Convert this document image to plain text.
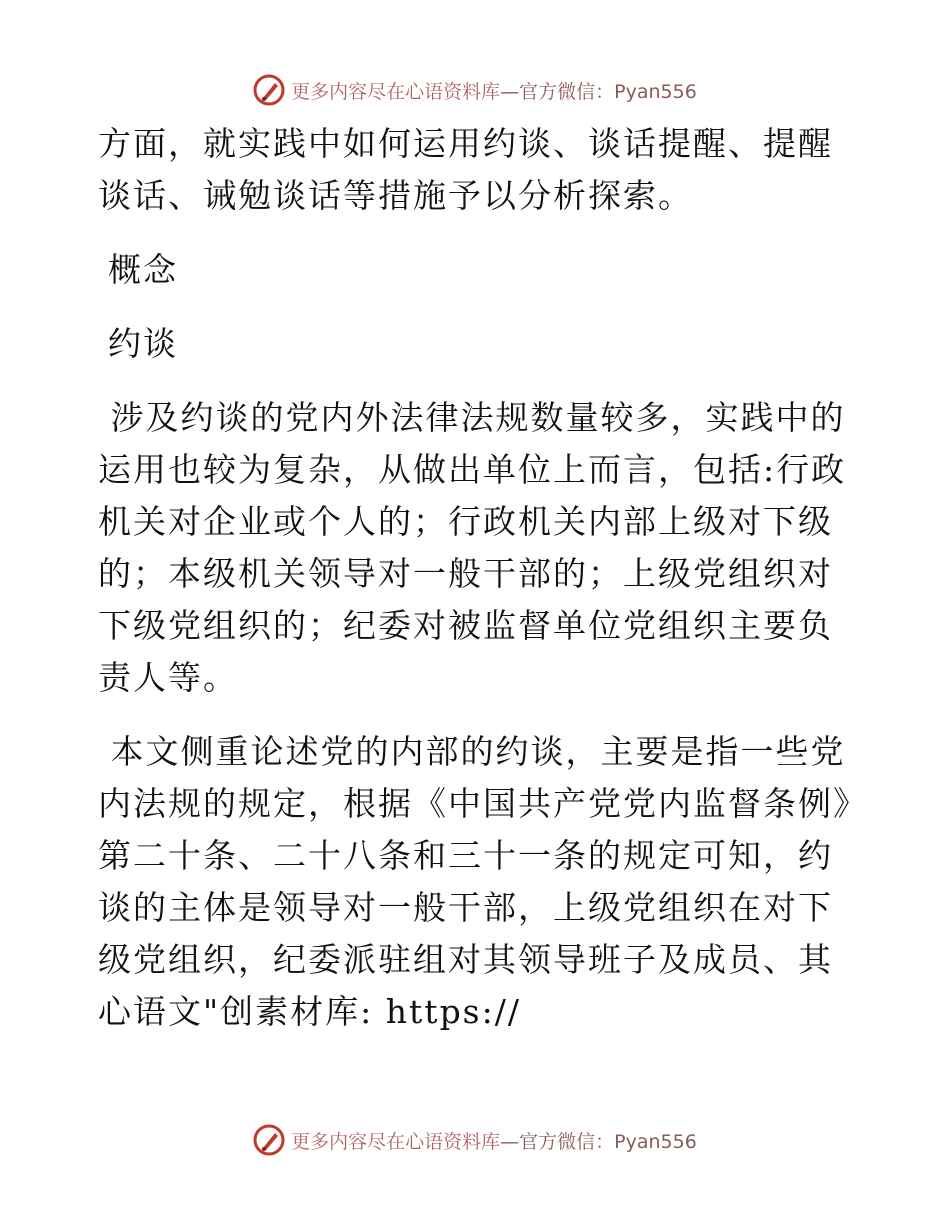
更多内容尽在心语资料库 —官方微信：Pyan556

方面，就实践中如何运用约谈、谈话提醒、提醒谈话、诫勉谈话等措施予以分析探索。

概念

约谈

涉及约谈的党内外法律法规数量较多，实践中的运用也较为复杂，从做出单位上而言，包括:行政机关对企业或个人的；行政机关内部上级对下级的；本级机关领导对一般干部的；上级党组织对下级党组织的；纪委对被监督单位党组织主要负责人等。

本文侧重论述党的内部的约谈，主要是指一些党内法规的规定，根据《中国共产党党内监督条例》第二十条、二十八条和三十一条的规定可知，约谈的主体是领导对一般干部，上级党组织在对下级党组织，纪委派驻组对其领导班子及成员、其心语文"创素材库: https://

更多内容尽在心语资料库 —官方微信：Pyan556
